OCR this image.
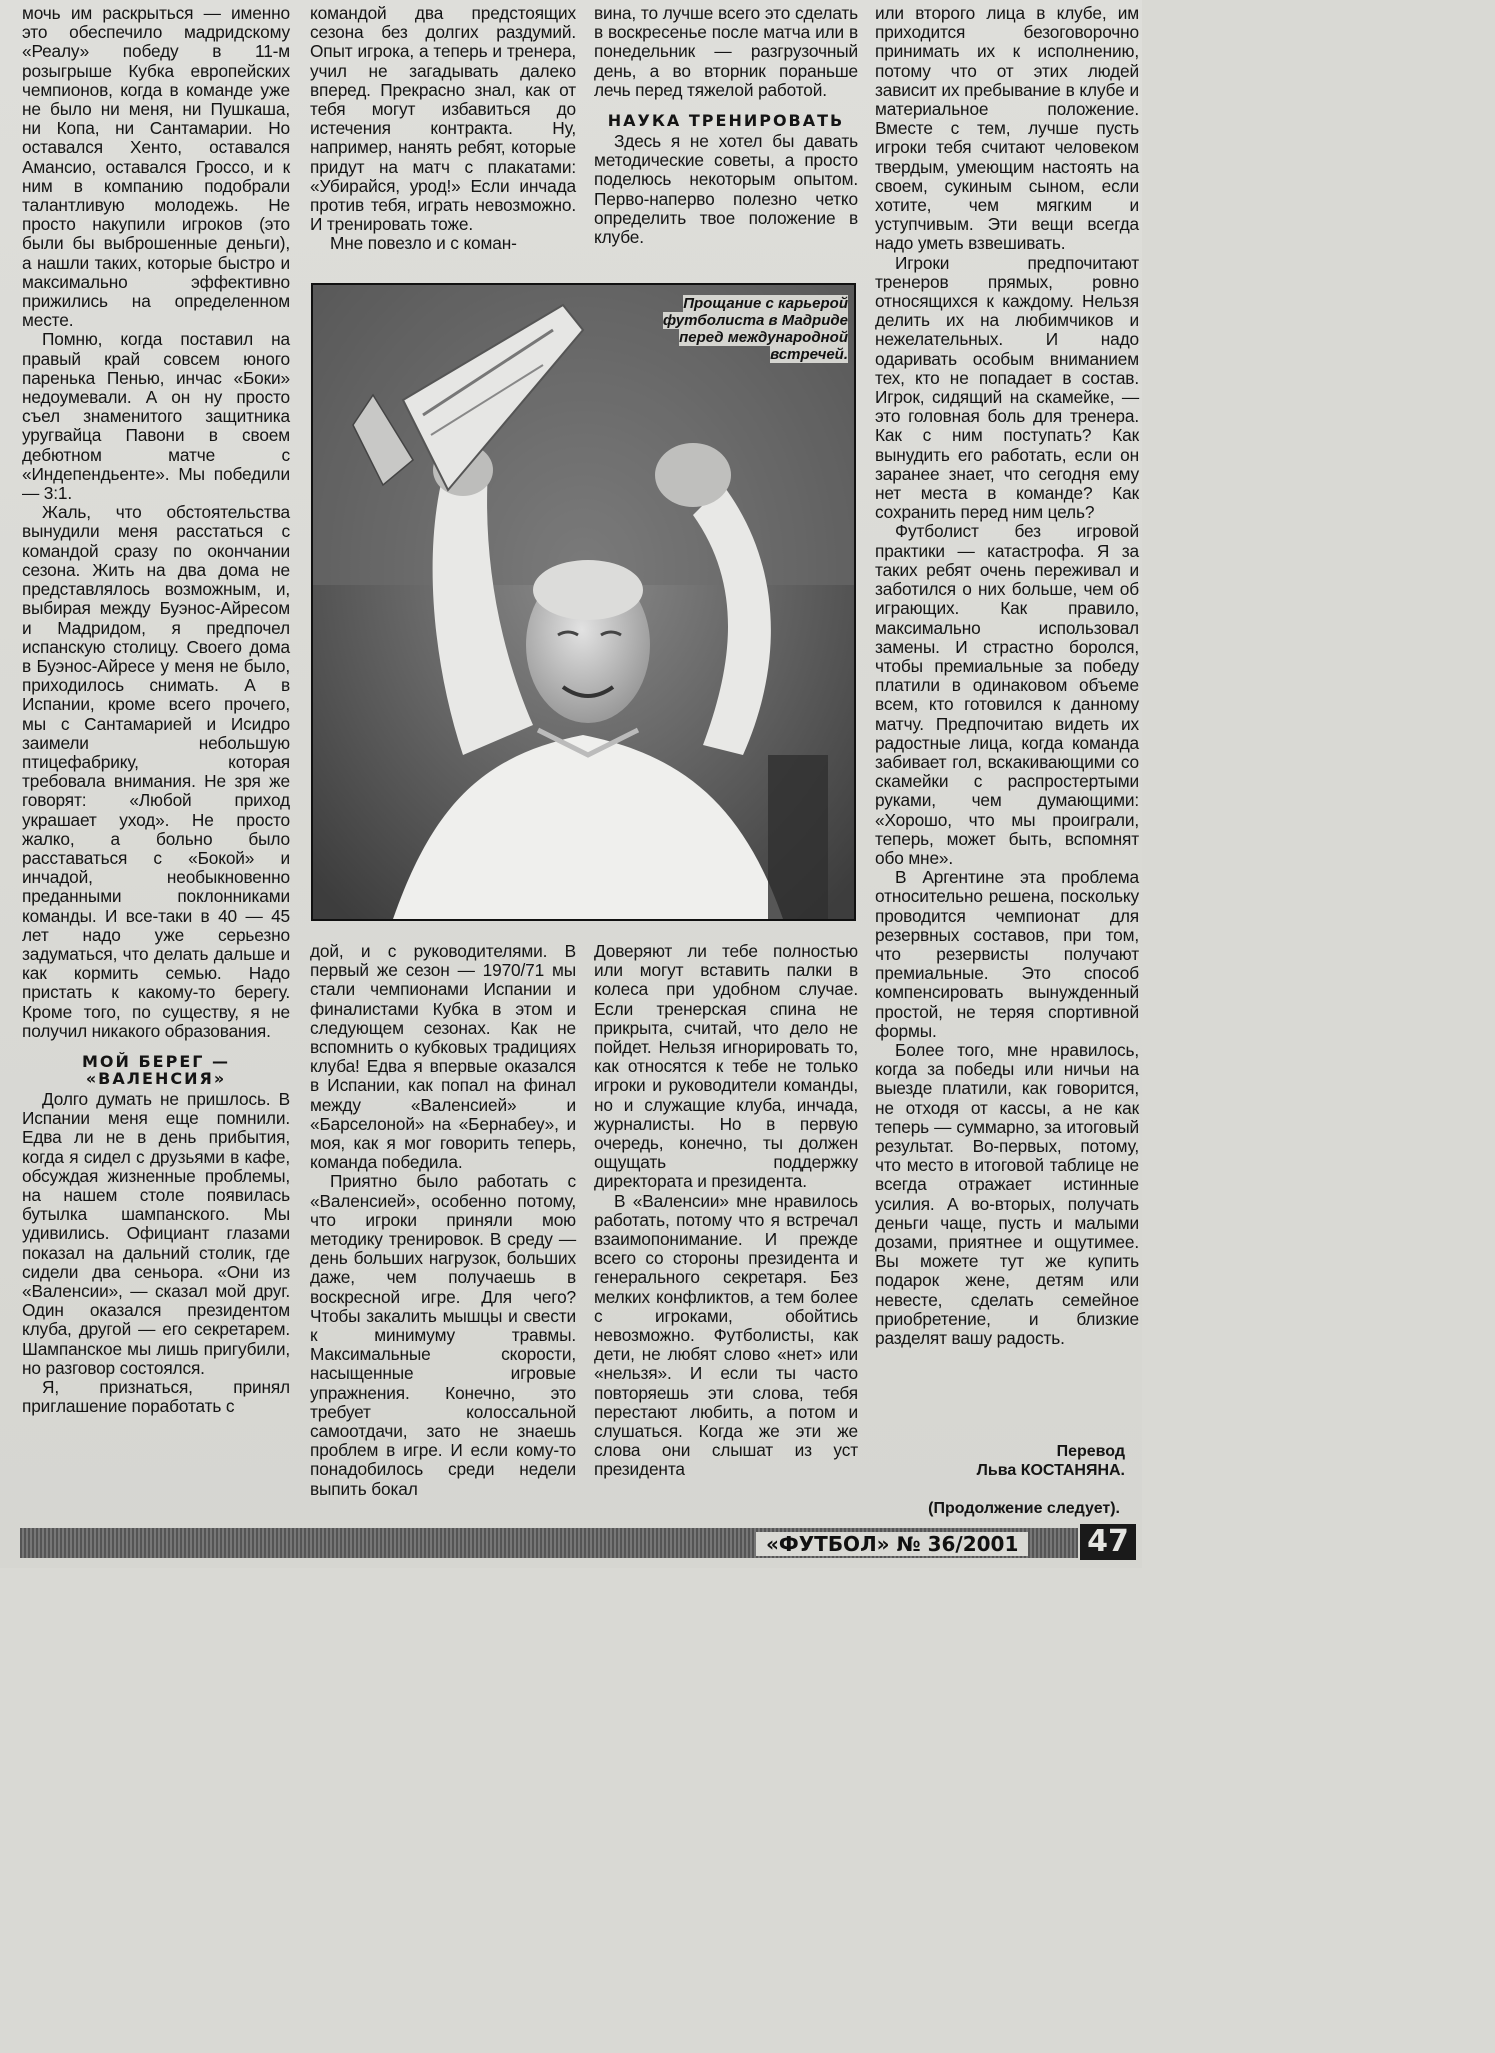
мочь им раскрыться — именно это обеспечило мадридскому «Реалу» победу в 11-м розыгрыше Кубка европейских чемпионов, когда в команде уже не было ни меня, ни Пушкаша, ни Копа, ни Сантамарии. Но оставался Хенто, оставался Амансио, оставался Гроссо, и к ним в компанию подобрали талантливую молодежь. Не просто накупили игроков (это были бы выброшенные деньги), а нашли таких, которые быстро и максимально эффективно прижились на определенном месте.

Помню, когда поставил на правый край совсем юного паренька Пенью, инчас «Боки» недоумевали. А он ну просто съел знаменитого защитника уругвайца Павони в своем дебютном матче с «Индепендьенте». Мы победили — 3:1.

Жаль, что обстоятельства вынудили меня расстаться с командой сразу по окончании сезона. Жить на два дома не представлялось возможным, и, выбирая между Буэнос-Айресом и Мадридом, я предпочел испанскую столицу. Своего дома в Буэнос-Айресе у меня не было, приходилось снимать. А в Испании, кроме всего прочего, мы с Сантамарией и Исидро заимели небольшую птицефабрику, которая требовала внимания. Не зря же говорят: «Любой приход украшает уход». Не просто жалко, а больно было расставаться с «Бокой» и инчадой, необыкновенно преданными поклонниками команды. И все-таки в 40 — 45 лет надо уже серьезно задуматься, что делать дальше и как кормить семью. Надо пристать к какому-то берегу. Кроме того, по существу, я не получил никакого образования.

МОЙ БЕРЕГ —
«ВАЛЕНСИЯ»

Долго думать не пришлось. В Испании меня еще помнили. Едва ли не в день прибытия, когда я сидел с друзьями в кафе, обсуждая жизненные проблемы, на нашем столе появилась бутылка шампанского. Мы удивились. Официант глазами показал на дальний столик, где сидели два сеньора. «Они из «Валенсии», — сказал мой друг. Один оказался президентом клуба, другой — его секретарем. Шампанское мы лишь пригубили, но разговор состоялся.

Я, признаться, принял приглашение поработать с

командой два предстоящих сезона без долгих раздумий. Опыт игрока, а теперь и тренера, учил не загадывать далеко вперед. Прекрасно знал, как от тебя могут избавиться до истечения контракта. Ну, например, нанять ребят, которые придут на матч с плакатами: «Убирайся, урод!» Если инчада против тебя, играть невозможно. И тренировать тоже.

Мне повезло и с коман-

вина, то лучше всего это сделать в воскресенье после матча или в понедельник — разгрузочный день, а во вторник пораньше лечь перед тяжелой работой.

НАУКА ТРЕНИРОВАТЬ

Здесь я не хотел бы давать методические советы, а просто поделюсь некоторым опытом. Первo-наперво полезно четко определить твое положение в клубе.

или второго лица в клубе, им приходится безоговорочно принимать их к исполнению, потому что от этих людей зависит их пребывание в клубе и материальное положение. Вместе с тем, лучше пусть игроки тебя считают человеком твердым, умеющим настоять на своем, сукиным сыном, если хотите, чем мягким и уступчивым. Эти вещи всегда надо уметь взвешивать.

Игроки предпочитают тренеров прямых, ровно относящихся к каждому. Нельзя делить их на любимчиков и нежелательных. И надо одаривать особым вниманием тех, кто не попадает в состав. Игрок, сидящий на скамейке, — это головная боль для тренера. Как с ним поступать? Как вынудить его работать, если он заранее знает, что сегодня ему нет места в команде? Как сохранить перед ним цель?

Футболист без игровой практики — катастрофа. Я за таких ребят очень переживал и заботился о них больше, чем об играющих. Как правило, максимально использовал замены. И страстно боролся, чтобы премиальные за победу платили в одинаковом объеме всем, кто готовился к данному матчу. Предпочитаю видеть их радостные лица, когда команда забивает гол, вскакивающими со скамейки с распростертыми руками, чем думающими: «Хорошо, что мы проиграли, теперь, может быть, вспомнят обо мне».

В Аргентине эта проблема относительно решена, поскольку проводится чемпионат для резервных составов, при том, что резервисты получают премиальные. Это способ компенсировать вынужденный простой, не теряя спортивной формы.

Более того, мне нравилось, когда за победы или ничьи на выезде платили, как говорится, не отходя от кассы, а не как теперь — суммарно, за итоговый результат. Во-первых, потому, что место в итоговой таблице не всегда отражает истинные усилия. А во-вторых, получать деньги чаще, пусть и малыми дозами, приятнее и ощутимее. Вы можете тут же купить подарок жене, детям или невесте, сделать семейное приобретение, и близкие разделят вашу радость.

Прощание с карьерой футболиста в Мадриде перед международной встречей.

дой, и с руководителями. В первый же сезон — 1970/71 мы стали чемпионами Испании и финалистами Кубка в этом и следующем сезонах. Как не вспомнить о кубковых традициях клуба! Едва я впервые оказался в Испании, как попал на финал между «Валенсией» и «Барселоной» на «Бернабеу», и моя, как я мог говорить теперь, команда победила.

Приятно было работать с «Валенсией», особенно потому, что игроки приняли мою методику тренировок. В среду — день больших нагрузок, больших даже, чем получаешь в воскресной игре. Для чего? Чтобы закалить мышцы и свести к минимуму травмы. Максимальные скорости, насыщенные игровые упражнения. Конечно, это требует колоссальной самоотдачи, зато не знаешь проблем в игре. И если кому-то понадобилось среди недели выпить бокал

Доверяют ли тебе полностью или могут вставить палки в колеса при удобном случае. Если тренерская спина не прикрыта, считай, что дело не пойдет. Нельзя игнорировать то, как относятся к тебе не только игроки и руководители команды, но и служащие клуба, инчада, журналисты. Но в первую очередь, конечно, ты должен ощущать поддержку директората и президента.

В «Валенсии» мне нравилось работать, потому что я встречал взаимопонимание. И прежде всего со стороны президента и генерального секретаря. Без мелких конфликтов, а тем более с игроками, обойтись невозможно. Футболисты, как дети, не любят слово «нет» или «нельзя». И если ты часто повторяешь эти слова, тебя перестают любить, а потом и слушаться. Когда же эти же слова они слышат из уст президента

Перевод
Льва КОСТАНЯНА.
(Продолжение следует).
«ФУТБОЛ» № 36/2001	47
